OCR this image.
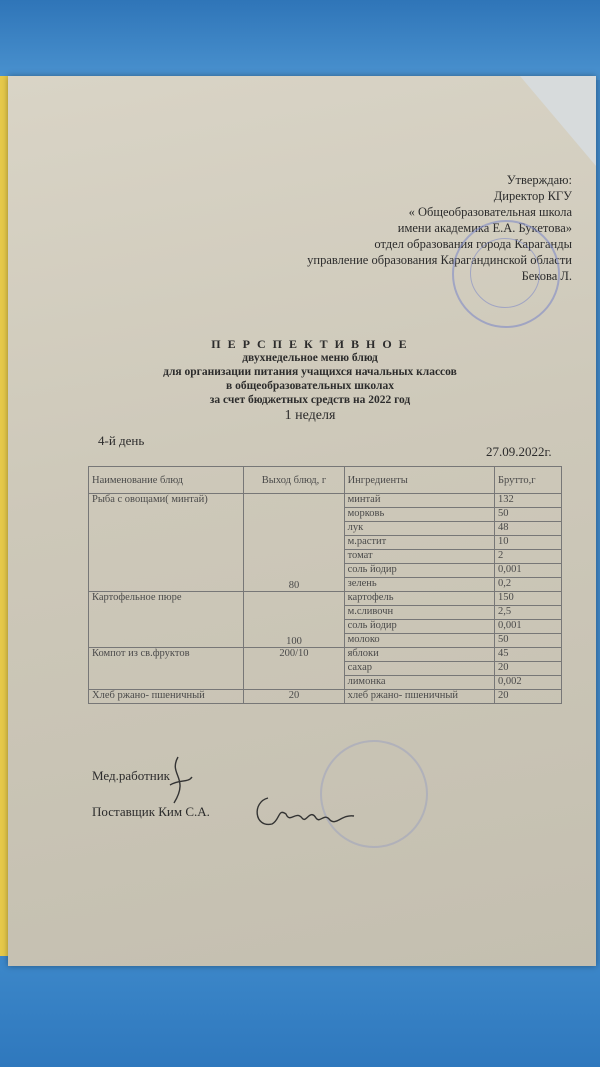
Утверждаю:
Директор КГУ
« Общеобразовательная школа
имени академика Е.А. Букетова»
отдел образования города Караганды
управление образования Карагандинской области
Бекова Л.
П Е Р С П Е К Т И В Н О Е
двухнедельное меню блюд
для организации питания учащихся начальных классов
в общеобразовательных школах
за счет бюджетных средств на 2022 год
1 неделя
4-й день
27.09.2022г.
Наименование блюд	Выход блюд, г	Ингредиенты	Брутто,г
Рыба с овощами( минтай)	80	минтай	132
		морковь	50
		лук	48
		м.растит	10
		томат	2
		соль йодир	0,001
		зелень	0,2
Картофельное пюре	100	картофель	150
		м.сливочн	2,5
		соль йодир	0,001
		молоко	50
Компот из св.фруктов	200/10	яблоки	45
		сахар	20
		лимонка	0,002
Хлеб ржано- пшеничный	20	хлеб ржано- пшеничный	20
Мед.работник
Поставщик Ким С.А.
